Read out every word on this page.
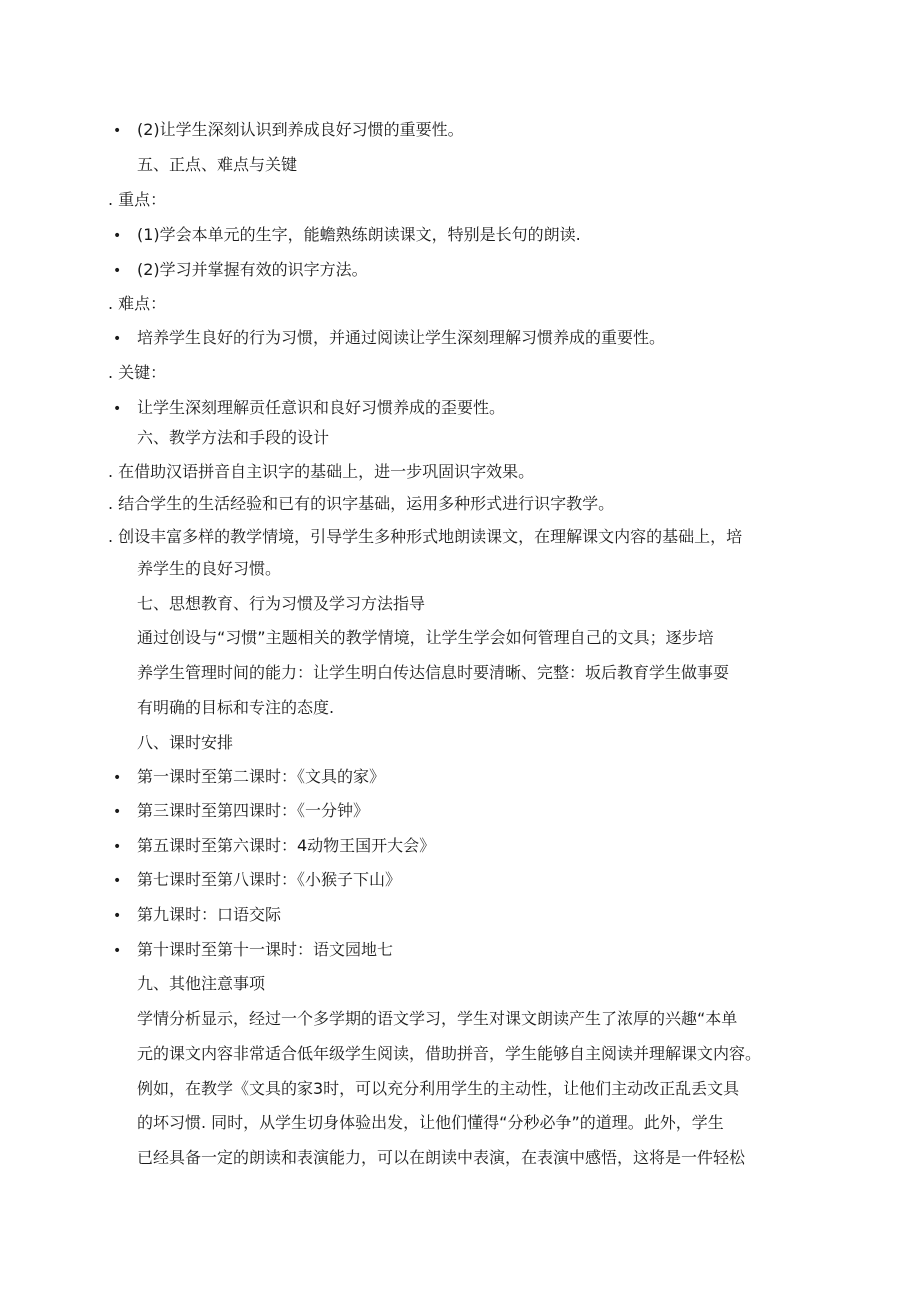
•
•
•
•
•
•
•
•
•
•
•
(2)让学生深刻认识到养成良好习惯的重要性。
五、正点、难点与关键
. 重点：
(1)学会本单元的生字，能蟾熟练朗读课文，特别是长句的朗读.
(2)学习并掌握有效的识字方法。
. 难点：
培养学生良好的行为习惯，并通过阅读让学生深刻理解习惯养成的重要性。
. 关键：
让学生深刻理解贡任意识和良好习惯养成的歪要性。
六、教学方法和手段的设计
. 在借助汉语拼音自主识字的基础上，进一步巩固识字效果。
. 结合学生的生活经验和已有的识字基础，运用多种形式进行识字教学。
. 创设丰富多样的教学情境，引导学生多种形式地朗读课文，在理解课文内容的基础上，培
养学生的良好习惯。
七、思想教育、行为习惯及学习方法指导
通过创设与“习惯”主题相关的教学情境，让学生学会如何管理自己的文具；逐步培
养学生管理时间的能力：让学生明白传达信息时要清晰、完整：坂后教育学生做事耍
有明确的目标和专注的态度.
八、课时安排
第一课时至第二课时：《文具的家》
第三课时至第四课时：《一分钟》
第五课时至第六课时：4动物王国开大会》
第七课时至第八课时：《小猴子下山》
第九课时：口语交际
第十课时至第十一课时：语文园地七
九、其他注意事项
学情分析显示，经过一个多学期的语文学习，学生对课文朗读产生了浓厚的兴趣“本单
元的课文内容非常适合低年级学生阅读，借助拼音，学生能够自主阅读并理解课文内容。
例如，在教学《文具的家3时，可以充分利用学生的主动性，让他们主动改正乱丢文具
的坏习惯. 同时，从学生切身体验出发，让他们懂得“分秒必争”的道理。此外，学生
已经具备一定的朗读和表演能力，可以在朗读中表演，在表演中感悟，这将是一件轻松
